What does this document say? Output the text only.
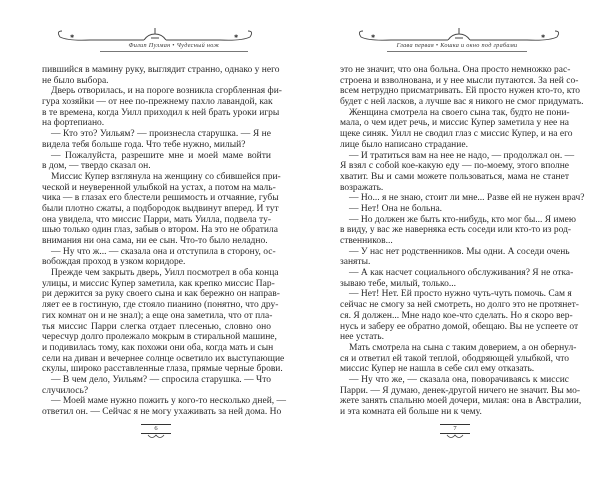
✱	✱
Филип Пулман • Чудесный нож
пившийся в мамину руку, выглядит странно, однако у него
не было выбора.
Дверь отворилась, и на пороге возникла сгорбленная фи-
гура хозяйки — от нее по-прежнему пахло лавандой, как
в те времена, когда Уилл приходил к ней брать уроки игры
на фортепиано.
— Кто это? Уильям? — произнесла старушка. — Я не
видела тебя больше года. Что тебе нужно, милый?
— Пожалуйста, разрешите мне и моей маме войти
в дом, — твердо сказал он.
Миссис Купер взглянула на женщину со сбившейся при-
ческой и неуверенной улыбкой на устах, а потом на маль-
чика — в глазах его блестели решимость и отчаяние, губы
были плотно сжаты, а подбородок выдвинут вперед. И тут
она увидела, что миссис Парри, мать Уилла, подвела ту-
шью только один глаз, забыв о втором. На это не обратила
внимания ни она сама, ни ее сын. Что-то было неладно.
— Ну что ж... — сказала она и отступила в сторону, ос-
вобождая проход в узком коридоре.
Прежде чем закрыть дверь, Уилл посмотрел в оба конца
улицы, и миссис Купер заметила, как крепко миссис Пар-
ри держится за руку своего сына и как бережно он направ-
ляет ее в гостиную, где стояло пианино (понятно, что дру-
гих комнат он и не знал); а еще она заметила, что от пла-
тья миссис Парри слегка отдает плесенью, словно оно
чересчур долго пролежало мокрым в стиральной машине,
и подивилась тому, как похожи они оба, когда мать и сын
сели на диван и вечернее солнце осветило их выступающие
скулы, широко расставленные глаза, прямые черные брови.
— В чем дело, Уильям? — спросила старушка. — Что
случилось?
— Моей маме нужно пожить у кого-то несколько дней, —
ответил он. — Сейчас я не могу ухаживать за ней дома. Но
6
✱	✱
Глава первая • Кошка и окно под грабами
это не значит, что она больна. Она просто немножко рас-
строена и взволнована, и у нее мысли путаются. За ней со-
всем нетрудно присматривать. Ей просто нужен кто-то, кто
будет с ней ласков, а лучше вас я никого не смог придумать.
Женщина смотрела на своего сына так, будто не пони-
мала, о чем идет речь, и миссис Купер заметила у нее на
щеке синяк. Уилл не сводил глаз с миссис Купер, и на его
лице было написано страдание.
— И тратиться вам на нее не надо, — продолжал он. —
Я взял с собой кое-какую еду — по-моему, этого вполне
хватит. Вы и сами можете пользоваться, мама не станет
возражать.
— Но... я не знаю, стоит ли мне... Разве ей не нужен врач?
— Нет! Она не больна.
— Но должен же быть кто-нибудь, кто мог бы... Я имею
в виду, у вас же наверняка есть соседи или кто-то из род-
ственников...
— У нас нет родственников. Мы одни. А соседи очень
заняты.
— А как насчет социального обслуживания? Я не отка-
зываю тебе, милый, только...
— Нет! Нет. Ей просто нужно чуть-чуть помочь. Сам я
сейчас не смогу за ней смотреть, но долго это не протянет-
ся. Я должен... Мне надо кое-что сделать. Но я скоро вер-
нусь и заберу ее обратно домой, обещаю. Вы не успеете от
нее устать.
Мать смотрела на сына с таким доверием, а он обернул-
ся и ответил ей такой теплой, ободряющей улыбкой, что
миссис Купер не нашла в себе сил ему отказать.
— Ну что же, — сказала она, поворачиваясь к миссис
Парри. — Я думаю, денек-другой ничего не значит. Вы мо-
жете занять спальню моей дочери, милая: она в Австралии,
и эта комната ей больше ни к чему.
7
